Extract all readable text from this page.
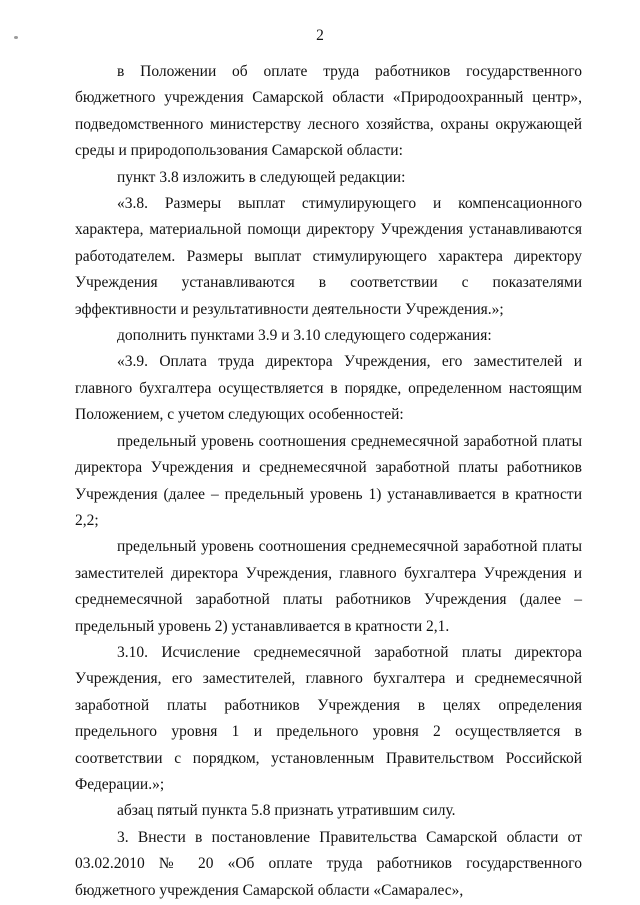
2

в Положении об оплате труда работников государственного бюджетного учреждения Самарской области «Природоохранный центр», подведомственного министерству лесного хозяйства, охраны окружающей среды и природопользования Самарской области:

пункт 3.8 изложить в следующей редакции:

«3.8. Размеры выплат стимулирующего и компенсационного характера, материальной помощи директору Учреждения устанавливаются работодателем. Размеры выплат стимулирующего характера директору Учреждения устанавливаются в соответствии с показателями эффективности и результативности деятельности Учреждения.»;

дополнить пунктами 3.9 и 3.10 следующего содержания:

«3.9. Оплата труда директора Учреждения, его заместителей и главного бухгалтера осуществляется в порядке, определенном настоящим Положением, с учетом следующих особенностей:

предельный уровень соотношения среднемесячной заработной платы директора Учреждения и среднемесячной заработной платы работников Учреждения (далее – предельный уровень 1) устанавливается в кратности 2,2;

предельный уровень соотношения среднемесячной заработной платы заместителей директора Учреждения, главного бухгалтера Учреждения и среднемесячной заработной платы работников Учреждения (далее – предельный уровень 2) устанавливается в кратности 2,1.

3.10. Исчисление среднемесячной заработной платы директора Учреждения, его заместителей, главного бухгалтера и среднемесячной заработной платы работников Учреждения в целях определения предельного уровня 1 и предельного уровня 2 осуществляется в соответствии с порядком, установленным Правительством Российской Федерации.»;

абзац пятый пункта 5.8 признать утратившим силу.

3. Внести в постановление Правительства Самарской области от 03.02.2010 № 20 «Об оплате труда работников государственного бюджетного учреждения Самарской области «Самаралес»,
